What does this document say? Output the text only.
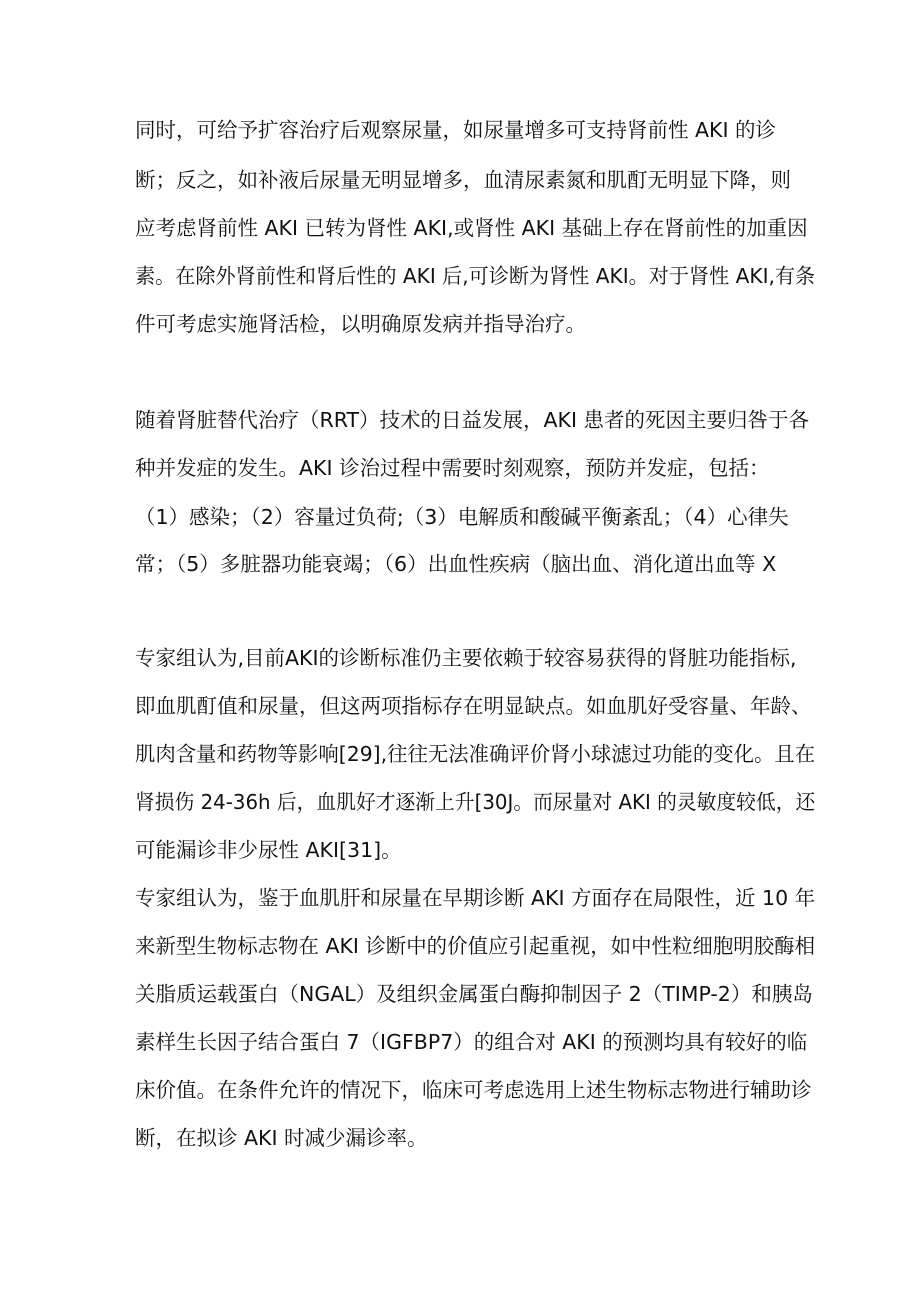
同时，可给予扩容治疗后观察尿量，如尿量增多可支持肾前性 AKI 的诊
断；反之，如补液后尿量无明显增多，血清尿素氮和肌酊无明显下降，则
应考虑肾前性 AKI 已转为肾性 AKI,或肾性 AKI 基础上存在肾前性的加重因
素。在除外肾前性和肾后性的 AKI 后,可诊断为肾性 AKI。对于肾性 AKI,有条
件可考虑实施肾活检，以明确原发病并指导治疗。
随着肾脏替代治疗（RRT）技术的日益发展，AKI 患者的死因主要归咎于各
种并发症的发生。AKI 诊治过程中需要时刻观察，预防并发症，包括：
（1）感染；（2）容量过负荷;（3）电解质和酸碱平衡紊乱；（4）心律失
常；（5）多脏器功能衰竭；（6）出血性疾病（脑出血、消化道出血等 X
专家组认为,目前AKI的诊断标准仍主要依赖于较容易获得的肾脏功能指标,
即血肌酊值和尿量，但这两项指标存在明显缺点。如血肌好受容量、年龄、
肌肉含量和药物等影响[29],往往无法准确评价肾小球滤过功能的变化。且在
肾损伤 24-36h 后，血肌好才逐渐上升[30J。而尿量对 AKI 的灵敏度较低，还
可能漏诊非少尿性 AKI[31]。
专家组认为，鉴于血肌肝和尿量在早期诊断 AKI 方面存在局限性，近 10 年
来新型生物标志物在 AKI 诊断中的价值应引起重视，如中性粒细胞明胶酶相
关脂质运载蛋白（NGAL）及组织金属蛋白酶抑制因子 2（TIMP-2）和胰岛
素样生长因子结合蛋白 7（IGFBP7）的组合对 AKI 的预测均具有较好的临
床价值。在条件允许的情况下，临床可考虑选用上述生物标志物进行辅助诊
断，在拟诊 AKI 时减少漏诊率。
